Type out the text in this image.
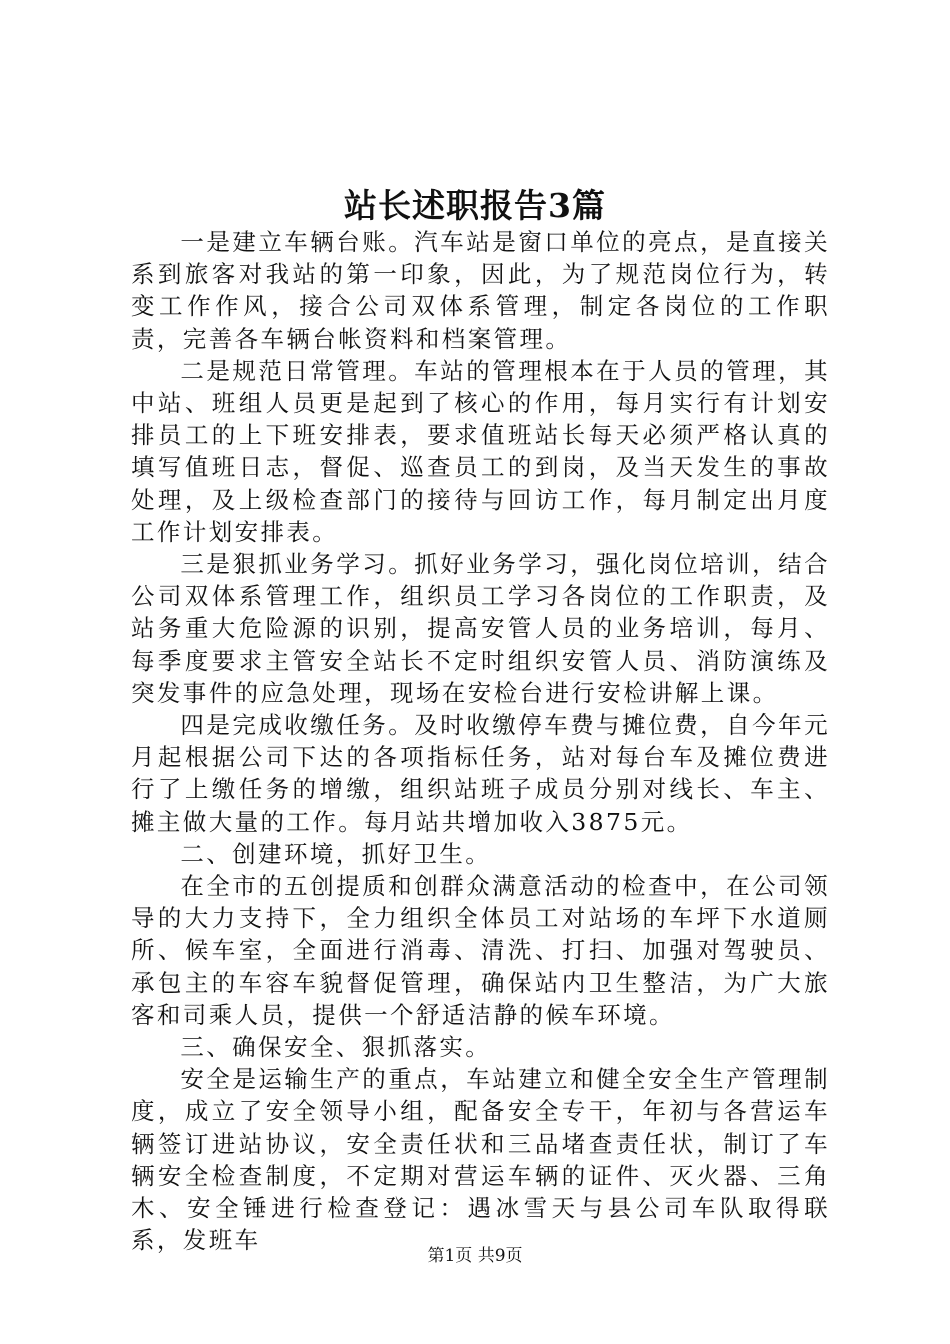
站长述职报告3篇

一是建立车辆台账。汽车站是窗口单位的亮点，是直接关系到旅客对我站的第一印象，因此，为了规范岗位行为，转变工作作风，接合公司双体系管理，制定各岗位的工作职责，完善各车辆台帐资料和档案管理。

二是规范日常管理。车站的管理根本在于人员的管理，其中站、班组人员更是起到了核心的作用，每月实行有计划安排员工的上下班安排表，要求值班站长每天必须严格认真的填写值班日志，督促、巡查员工的到岗，及当天发生的事故处理，及上级检查部门的接待与回访工作，每月制定出月度工作计划安排表。

三是狠抓业务学习。抓好业务学习，强化岗位培训，结合公司双体系管理工作，组织员工学习各岗位的工作职责，及站务重大危险源的识别，提高安管人员的业务培训，每月、每季度要求主管安全站长不定时组织安管人员、消防演练及突发事件的应急处理，现场在安检台进行安检讲解上课。

四是完成收缴任务。及时收缴停车费与摊位费，自今年元月起根据公司下达的各项指标任务，站对每台车及摊位费进行了上缴任务的增缴，组织站班子成员分别对线长、车主、摊主做大量的工作。每月站共增加收入3875元。

二、创建环境，抓好卫生。

在全市的五创提质和创群众满意活动的检查中，在公司领导的大力支持下，全力组织全体员工对站场的车坪下水道厕所、候车室，全面进行消毒、清洗、打扫、加强对驾驶员、承包主的车容车貌督促管理，确保站内卫生整洁，为广大旅客和司乘人员，提供一个舒适洁静的候车环境。

三、确保安全、狠抓落实。

安全是运输生产的重点，车站建立和健全安全生产管理制度，成立了安全领导小组，配备安全专干，年初与各营运车辆签订进站协议，安全责任状和三品堵查责任状，制订了车辆安全检查制度，不定期对营运车辆的证件、灭火器、三角木、安全锤进行检查登记：遇冰雪天与县公司车队取得联系，发班车

第1页 共9页
